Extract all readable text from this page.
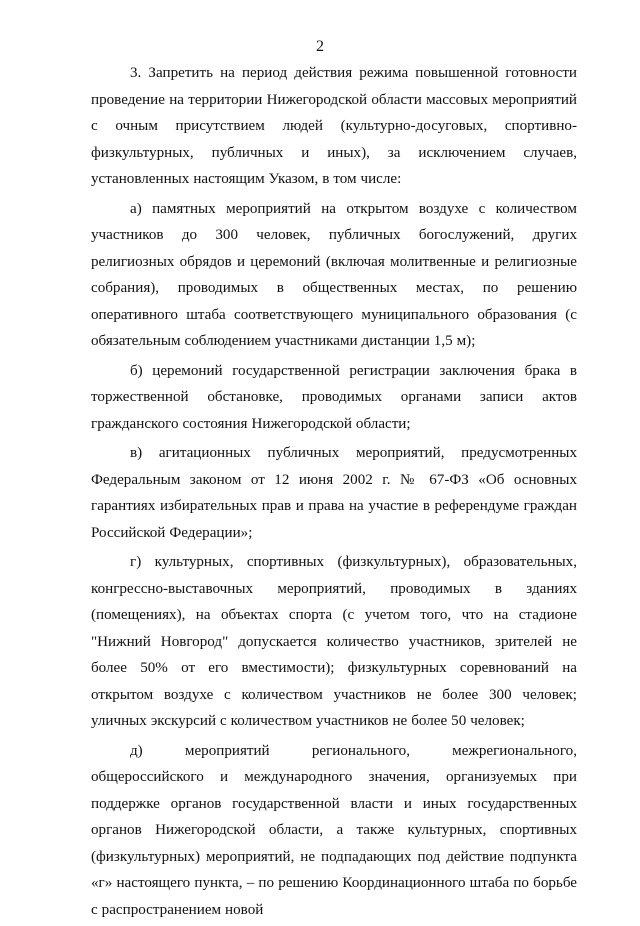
2

3. Запретить на период действия режима повышенной готовности проведение на территории Нижегородской области массовых мероприятий с очным присутствием людей (культурно-досуговых, спортивно-физкультурных, публичных и иных), за исключением случаев, установленных настоящим Указом, в том числе:

а) памятных мероприятий на открытом воздухе с количеством участников до 300 человек, публичных богослужений, других религиозных обрядов и церемоний (включая молитвенные и религиозные собрания), проводимых в общественных местах, по решению оперативного штаба соответствующего муниципального образования (с обязательным соблюдением участниками дистанции 1,5 м);

б) церемоний государственной регистрации заключения брака в торжественной обстановке, проводимых органами записи актов гражданского состояния Нижегородской области;

в) агитационных публичных мероприятий, предусмотренных Федеральным законом от 12 июня 2002 г. № 67-ФЗ «Об основных гарантиях избирательных прав и права на участие в референдуме граждан Российской Федерации»;

г) культурных, спортивных (физкультурных), образовательных, конгрессно-выставочных мероприятий, проводимых в зданиях (помещениях), на объектах спорта (с учетом того, что на стадионе "Нижний Новгород" допускается количество участников, зрителей не более 50% от его вместимости); физкультурных соревнований на открытом воздухе с количеством участников не более 300 человек; уличных экскурсий с количеством участников не более 50 человек;

д) мероприятий регионального, межрегионального, общероссийского и международного значения, организуемых при поддержке органов государственной власти и иных государственных органов Нижегородской области, а также культурных, спортивных (физкультурных) мероприятий, не подпадающих под действие подпункта «г» настоящего пункта, – по решению Координационного штаба по борьбе с распространением новой
